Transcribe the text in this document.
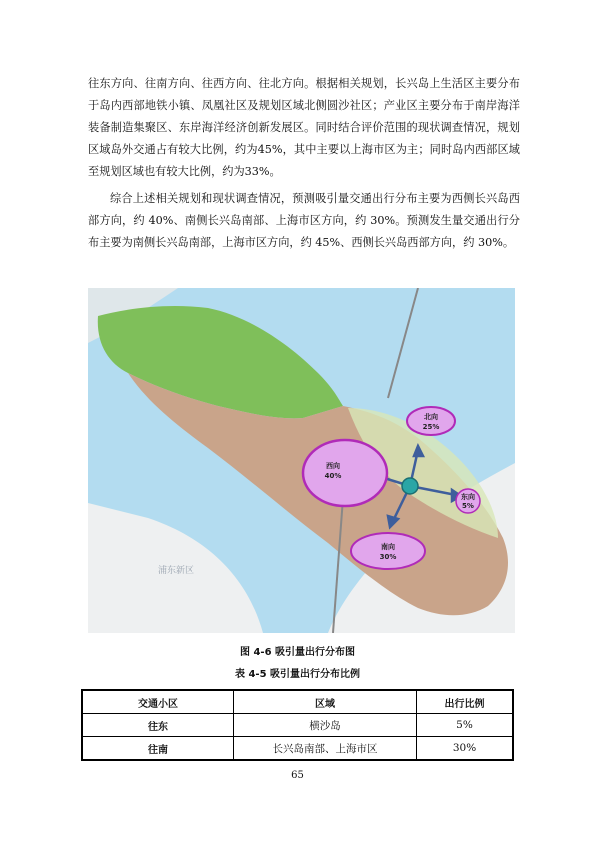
往东方向、往南方向、往西方向、往北方向。根据相关规划，长兴岛上生活区主要分布于岛内西部地铁小镇、凤凰社区及规划区域北侧圆沙社区；产业区主要分布于南岸海洋装备制造集聚区、东岸海洋经济创新发展区。同时结合评价范围的现状调查情况，规划区域岛外交通占有较大比例，约为45%，其中主要以上海市区为主；同时岛内西部区域至规划区域也有较大比例，约为33%。

综合上述相关规划和现状调查情况，预测吸引量交通出行分布主要为西侧长兴岛西部方向，约 40%、南侧长兴岛南部、上海市区方向，约 30%。预测发生量交通出行分布主要为南侧长兴岛南部，上海市区方向，约 45%、西侧长兴岛西部方向，约 30%。

浦东新区
北向
25%
西向
40%
东向
5%
南向
30%
图 4-6 吸引量出行分布图
表 4-5 吸引量出行分布比例
交通小区	区域	出行比例
往东	横沙岛	5%
往南	长兴岛南部、上海市区	30%
65
